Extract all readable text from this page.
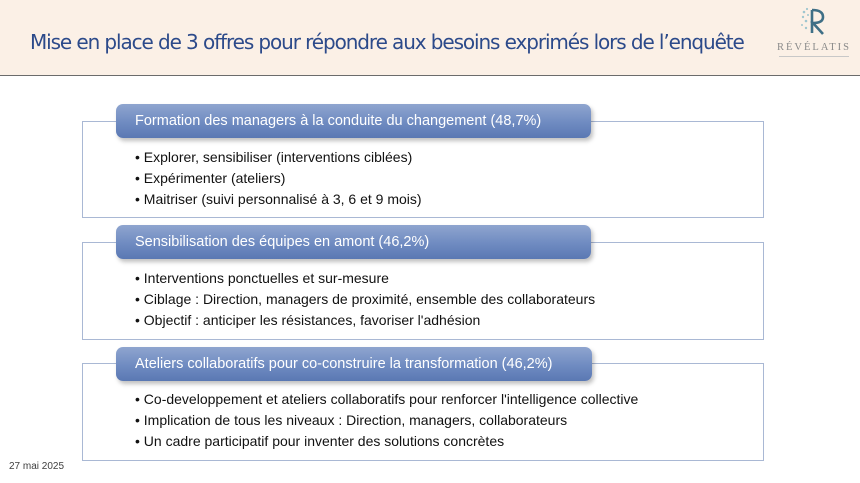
Mise en place de 3 offres pour répondre aux besoins exprimés lors de l’enquête	RÉVÉLATIS
Formation des managers à la conduite du changement (48,7%)
• Explorer, sensibiliser (interventions ciblées)
• Expérimenter (ateliers)
• Maitriser (suivi personnalisé à 3, 6 et 9 mois)
Sensibilisation des équipes en amont (46,2%)
• Interventions ponctuelles et sur-mesure
• Ciblage : Direction, managers de proximité, ensemble des collaborateurs
• Objectif : anticiper les résistances, favoriser l'adhésion
Ateliers collaboratifs pour co-construire la transformation (46,2%)
• Co-developpement et ateliers collaboratifs pour renforcer l'intelligence collective
• Implication de tous les niveaux : Direction, managers, collaborateurs
• Un cadre participatif pour inventer des solutions concrètes
27 mai 2025
